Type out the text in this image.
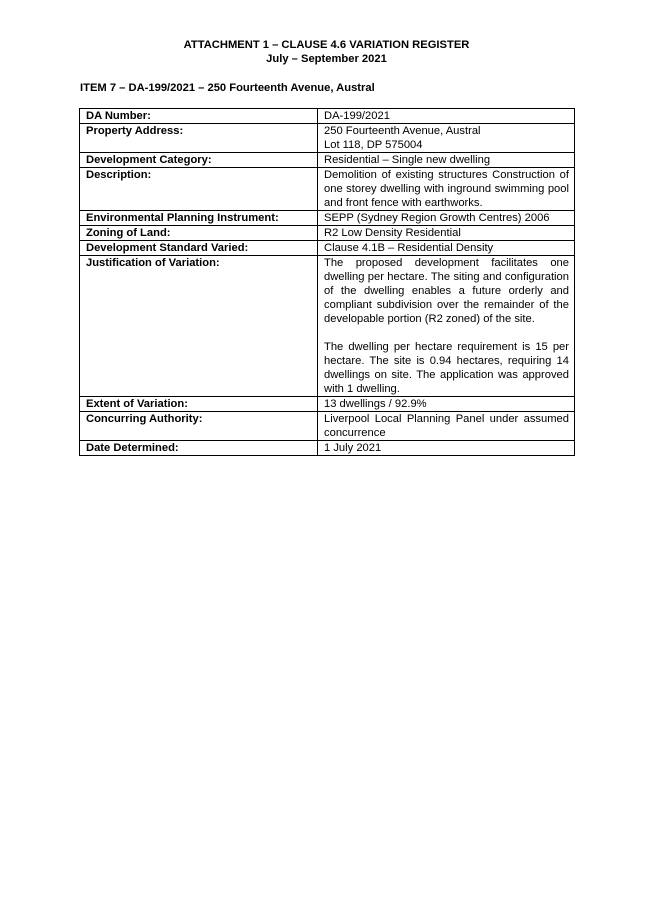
ATTACHMENT 1 – CLAUSE 4.6 VARIATION REGISTER
July – September 2021
ITEM 7 – DA-199/2021 – 250 Fourteenth Avenue, Austral
DA Number:	DA-199/2021
Property Address:	250 Fourteenth Avenue, Austral
Lot 118, DP 575004

Development Category:	Residential – Single new dwelling
Description:	Demolition of existing structures Construction of one storey dwelling with inground swimming pool and front fence with earthworks.
Environmental Planning Instrument:	SEPP (Sydney Region Growth Centres) 2006
Zoning of Land:	R2 Low Density Residential
Development Standard Varied:	Clause 4.1B – Residential Density
Justification of Variation:	The proposed development facilitates one dwelling per hectare. The siting and configuration of the dwelling enables a future orderly and compliant subdivision over the remainder of the developable portion (R2 zoned) of the site.
The dwelling per hectare requirement is 15 per hectare. The site is 0.94 hectares, requiring 14 dwellings on site. The application was approved with 1 dwelling.

Extent of Variation:	13 dwellings / 92.9%
Concurring Authority:	Liverpool Local Planning Panel under assumed concurrence
Date Determined:	1 July 2021
